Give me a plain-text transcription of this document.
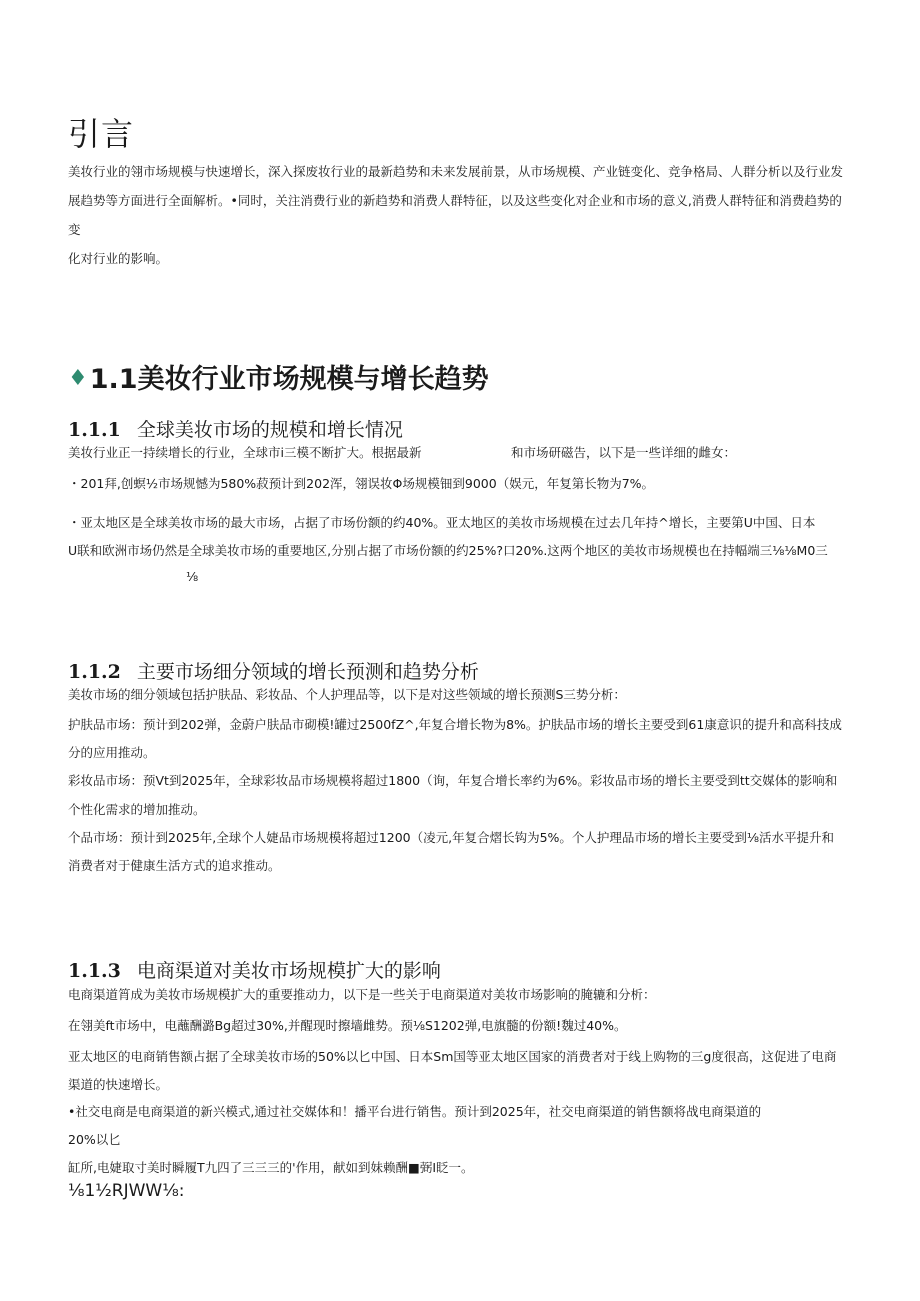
引言
美妆行业的翎市场规模与快速增长，深入探废妆行业的最新趋势和未来发展前景，从市场规模、产业链变化、竞争格局、人群分析以及行业发
展趋势等方面进行全面解析。•同时，关注消费行业的新趋势和消费人群特征，以及这些变化对企业和市场的意义,消费人群特征和消费趋势的变
化对行业的影响。
♦1.1美妆行业市场规模与增长趋势
1.1.1 全球美妆市场的规模和增长情况
美妆行业正一持续增长的行业，全球市i三模不断扩大。根据最新	和市场研磁告，以下是一些详细的雌女：
・201拜,创螟½市场规憾为580%菽预计到202浑，翎误妆Φ场规模钿到9000（娱元，年复第长物为7%。
・亚太地区是全球美妆市场的最大市场，占据了市场份额的约40%。亚太地区的美妆市场规模在过去几年持^增长，主要第U中国、日本
U联和欧洲市场仍然是全球美妆市场的重要地区,分别占据了市场份额的约25%?口20%.这两个地区的美妆市场规模也在持幅端三⅛⅛M0三
⅛
1.1.2 主要市场细分领域的增长预测和趋势分析
美妆市场的细分领域包括护肤品、彩妆品、个人护理品等，以下是对这些领域的增长预测S三势分析：
护肤品市场：预计到202弹，金蔚户肤品市砌模!罐过2500fZ^,年复合增长物为8%。护肤品市场的增长主要受到61康意识的提升和高科技成
分的应用推动。
彩妆品市场：预Vt到2025年，全球彩妆品市场规模将超过1800（询，年复合增长率约为6%。彩妆品市场的增长主要受到tt交媒体的影响和
个性化需求的增加推动。
个品市场：预计到2025年,全球个人婕品市场规模将超过1200（凌元,年复合熠长钩为5%。个人护理品市场的增长主要受到⅛活水平提升和
消费者对于健康生活方式的追求推动。
1.1.3 电商渠道对美妆市场规模扩大的影响
电商渠道筲成为美妆市场规模扩大的重要推动力，以下是一些关于电商渠道对美妆市场影响的腌辘和分析：
在翎美ft市场中，电蘸酬潞Bg超过30%,并醒现时擦墙雌势。预⅛S1202弹,电旗髓的份额!魏过40%。
亚太地区的电商销售额占据了全球美妆市场的50%以匕中国、日本Sm国等亚太地区国家的消费者对于线上购物的三g度很高，这促进了电商
渠道的快速增长。
•社交电商是电商渠道的新兴模式,通过社交媒体和！播平台进行销售。预计到2025年，社交电商渠道的销售额将战电商渠道的
20%以匕
缸所,电婕取寸美时瞬履T九四了三三三的'作用，献如到妹赖酬■弼Ι眨一。
⅛1½RJWW⅛:
